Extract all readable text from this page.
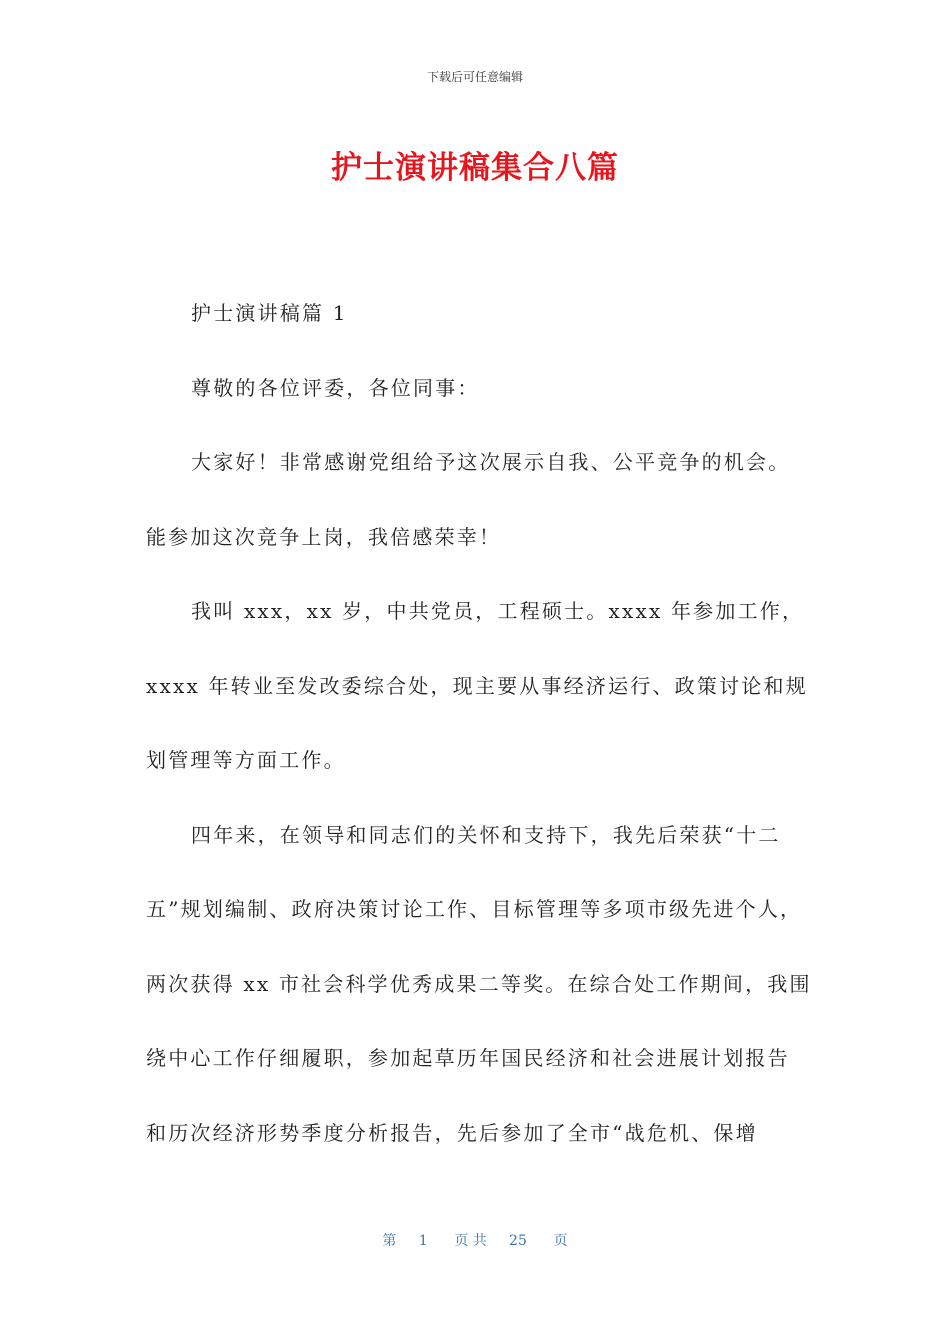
下载后可任意编辑
护士演讲稿集合八篇

护士演讲稿篇 1

尊敬的各位评委，各位同事：

大家好！非常感谢党组给予这次展示自我、公平竞争的机会。

能参加这次竞争上岗，我倍感荣幸！

我叫 xxx，xx 岁，中共党员，工程硕士。xxxx 年参加工作，

xxxx 年转业至发改委综合处，现主要从事经济运行、政策讨论和规

划管理等方面工作。

四年来，在领导和同志们的关怀和支持下，我先后荣获“十二

五”规划编制、政府决策讨论工作、目标管理等多项市级先进个人，

两次获得 xx 市社会科学优秀成果二等奖。在综合处工作期间，我围

绕中心工作仔细履职，参加起草历年国民经济和社会进展计划报告

和历次经济形势季度分析报告，先后参加了全市“战危机、保增

第 1 页 共 25 页
